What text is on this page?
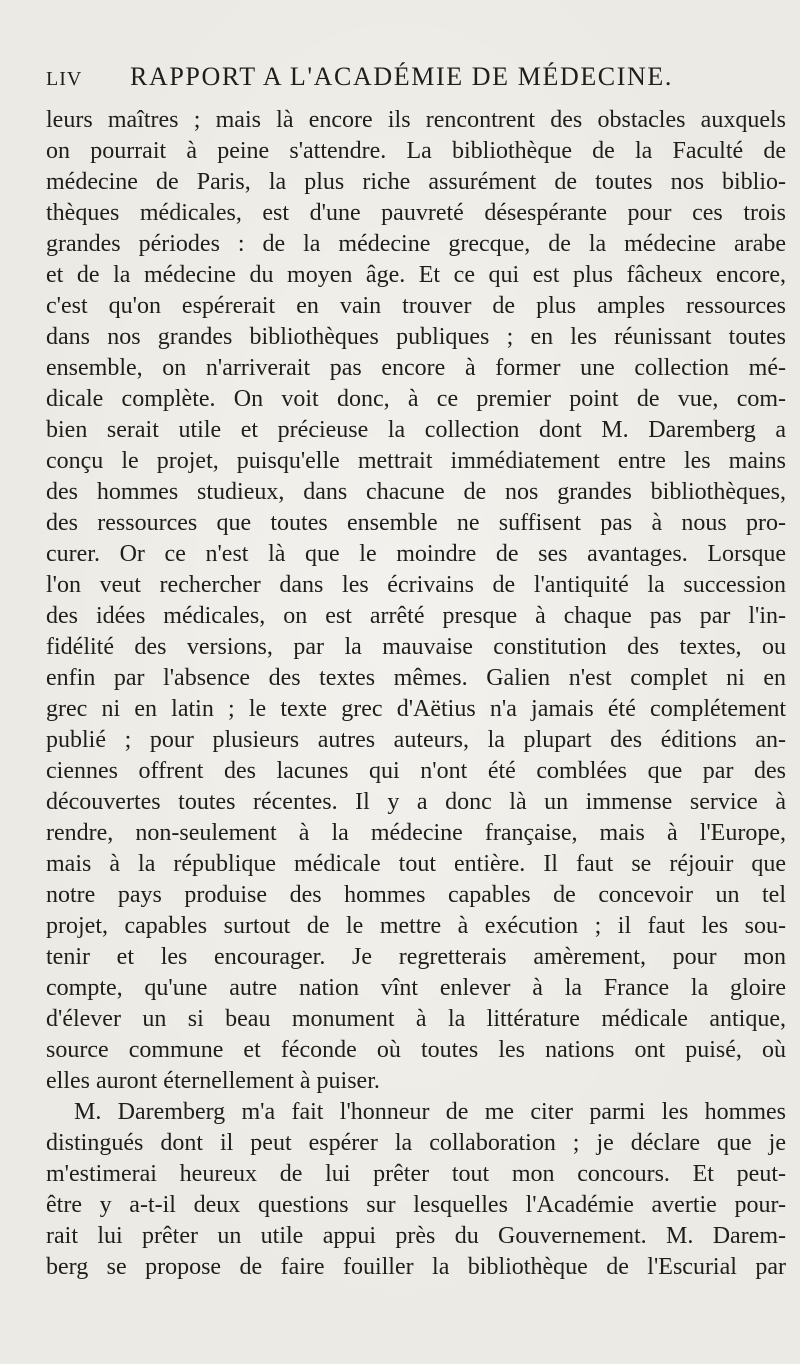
LIV RAPPORT A L'ACADÉMIE DE MÉDECINE.
leurs maîtres ; mais là encore ils rencontrent des obstacles auxquels
on pourrait à peine s'attendre. La bibliothèque de la Faculté de
médecine de Paris, la plus riche assurément de toutes nos biblio-
thèques médicales, est d'une pauvreté désespérante pour ces trois
grandes périodes : de la médecine grecque, de la médecine arabe
et de la médecine du moyen âge. Et ce qui est plus fâcheux encore,
c'est qu'on espérerait en vain trouver de plus amples ressources
dans nos grandes bibliothèques publiques ; en les réunissant toutes
ensemble, on n'arriverait pas encore à former une collection mé-
dicale complète. On voit donc, à ce premier point de vue, com-
bien serait utile et précieuse la collection dont M. Daremberg a
conçu le projet, puisqu'elle mettrait immédiatement entre les mains
des hommes studieux, dans chacune de nos grandes bibliothèques,
des ressources que toutes ensemble ne suffisent pas à nous pro-
curer. Or ce n'est là que le moindre de ses avantages. Lorsque
l'on veut rechercher dans les écrivains de l'antiquité la succession
des idées médicales, on est arrêté presque à chaque pas par l'in-
fidélité des versions, par la mauvaise constitution des textes, ou
enfin par l'absence des textes mêmes. Galien n'est complet ni en
grec ni en latin ; le texte grec d'Aëtius n'a jamais été complétement
publié ; pour plusieurs autres auteurs, la plupart des éditions an-
ciennes offrent des lacunes qui n'ont été comblées que par des
découvertes toutes récentes. Il y a donc là un immense service à
rendre, non-seulement à la médecine française, mais à l'Europe,
mais à la république médicale tout entière. Il faut se réjouir que
notre pays produise des hommes capables de concevoir un tel
projet, capables surtout de le mettre à exécution ; il faut les sou-
tenir et les encourager. Je regretterais amèrement, pour mon
compte, qu'une autre nation vînt enlever à la France la gloire
d'élever un si beau monument à la littérature médicale antique,
source commune et féconde où toutes les nations ont puisé, où
elles auront éternellement à puiser.
M. Daremberg m'a fait l'honneur de me citer parmi les hommes
distingués dont il peut espérer la collaboration ; je déclare que je
m'estimerai heureux de lui prêter tout mon concours. Et peut-
être y a-t-il deux questions sur lesquelles l'Académie avertie pour-
rait lui prêter un utile appui près du Gouvernement. M. Darem-
berg se propose de faire fouiller la bibliothèque de l'Escurial par
